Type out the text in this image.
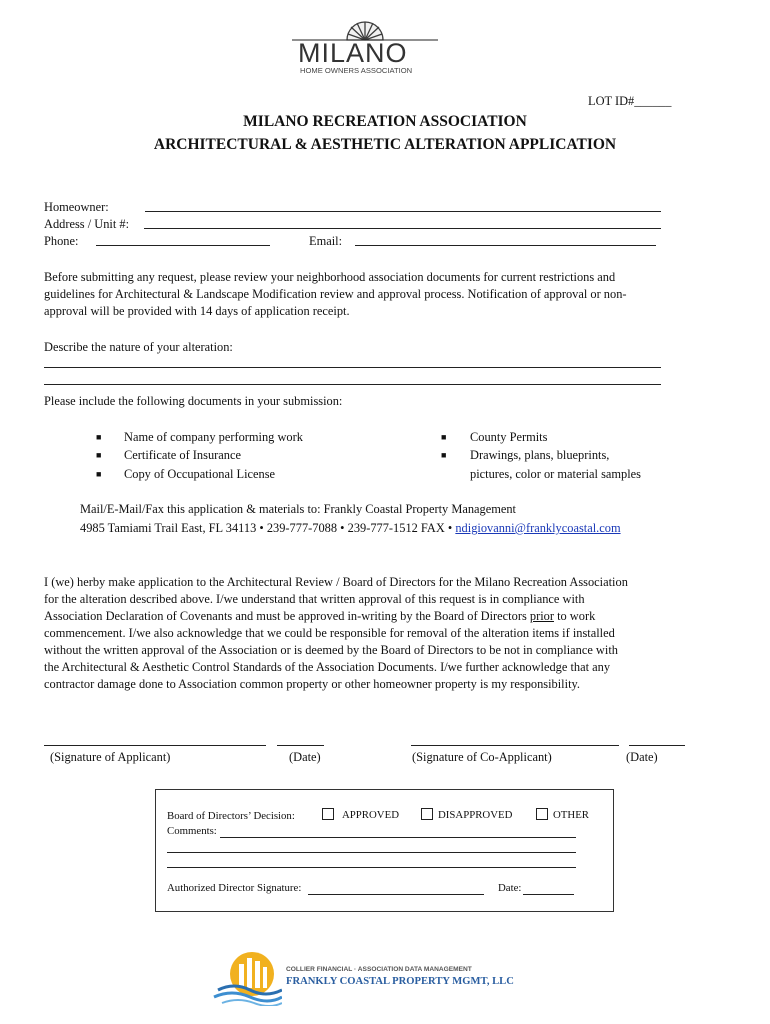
MILANO
HOME OWNERS ASSOCIATION
LOT ID#______
MILANO RECREATION ASSOCIATION
ARCHITECTURAL & AESTHETIC ALTERATION APPLICATION
Homeowner:
Address / Unit #:
Phone:	Email:
Before submitting any request, please review your neighborhood association documents for current restrictions and
guidelines for Architectural & Landscape Modification review and approval process. Notification of approval or non-
approval will be provided with 14 days of application receipt.
Describe the nature of your alteration:
Please include the following documents in your submission:
■ Name of company performing work
■ Certificate of Insurance
■ Copy of Occupational License
■ County Permits
■ Drawings, plans, blueprints,
pictures, color or material samples
Mail/E-Mail/Fax this application & materials to: Frankly Coastal Property Management
4985 Tamiami Trail East, FL 34113 • 239-777-7088 • 239-777-1512 FAX • ndigiovanni@franklycoastal.com
I (we) herby make application to the Architectural Review / Board of Directors for the Milano Recreation Association
for the alteration described above. I/we understand that written approval of this request is in compliance with
Association Declaration of Covenants and must be approved in-writing by the Board of Directors prior to work
commencement. I/we also acknowledge that we could be responsible for removal of the alteration items if installed
without the written approval of the Association or is deemed by the Board of Directors to be not in compliance with
the Architectural & Aesthetic Control Standards of the Association Documents. I/we further acknowledge that any
contractor damage done to Association common property or other homeowner property is my responsibility.
(Signature of Applicant)	(Date)	(Signature of Co-Applicant)	(Date)
Board of Directors’ Decision:	APPROVED	DISAPPROVED	OTHER
Comments:
Authorized Director Signature:	Date:
COLLIER FINANCIAL · ASSOCIATION DATA MANAGEMENT
FRANKLY COASTAL PROPERTY MGMT, LLC
